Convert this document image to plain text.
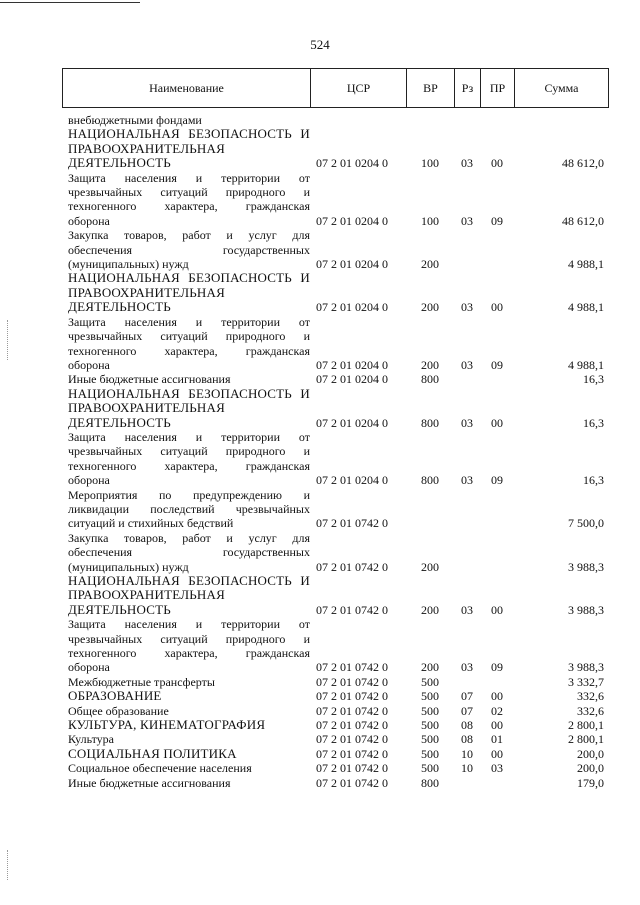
524
Наименование	ЦСР	ВР	Рз	ПР	Сумма
внебюджетными фондами					

НАЦИОНАЛЬНАЯ БЕЗОПАСНОСТЬ И
ПРАВООХРАНИТЕЛЬНАЯ
ДЕЯТЕЛЬНОСТЬ	07 2 01 0204 0	100	03	00	48 612,0

Защита населения и территории от
чрезвычайных ситуаций природного и
техногенного характера, гражданская
оборона	07 2 01 0204 0	100	03	09	48 612,0

Закупка товаров, работ и услуг для
обеспечения государственных
(муниципальных) нужд	07 2 01 0204 0	200			4 988,1

НАЦИОНАЛЬНАЯ БЕЗОПАСНОСТЬ И
ПРАВООХРАНИТЕЛЬНАЯ
ДЕЯТЕЛЬНОСТЬ	07 2 01 0204 0	200	03	00	4 988,1

Защита населения и территории от
чрезвычайных ситуаций природного и
техногенного характера, гражданская
оборона	07 2 01 0204 0	200	03	09	4 988,1

Иные бюджетные ассигнования	07 2 01 0204 0	800			16,3

НАЦИОНАЛЬНАЯ БЕЗОПАСНОСТЬ И
ПРАВООХРАНИТЕЛЬНАЯ
ДЕЯТЕЛЬНОСТЬ	07 2 01 0204 0	800	03	00	16,3

Защита населения и территории от
чрезвычайных ситуаций природного и
техногенного характера, гражданская
оборона	07 2 01 0204 0	800	03	09	16,3

Мероприятия по предупреждению и
ликвидации последствий чрезвычайных
ситуаций и стихийных бедствий	07 2 01 0742 0				7 500,0

Закупка товаров, работ и услуг для
обеспечения государственных
(муниципальных) нужд	07 2 01 0742 0	200			3 988,3

НАЦИОНАЛЬНАЯ БЕЗОПАСНОСТЬ И
ПРАВООХРАНИТЕЛЬНАЯ
ДЕЯТЕЛЬНОСТЬ	07 2 01 0742 0	200	03	00	3 988,3

Защита населения и территории от
чрезвычайных ситуаций природного и
техногенного характера, гражданская
оборона	07 2 01 0742 0	200	03	09	3 988,3

Межбюджетные трансферты	07 2 01 0742 0	500			3 332,7

ОБРАЗОВАНИЕ	07 2 01 0742 0	500	07	00	332,6

Общее образование	07 2 01 0742 0	500	07	02	332,6

КУЛЬТУРА, КИНЕМАТОГРАФИЯ	07 2 01 0742 0	500	08	00	2 800,1

Культура	07 2 01 0742 0	500	08	01	2 800,1

СОЦИАЛЬНАЯ ПОЛИТИКА	07 2 01 0742 0	500	10	00	200,0

Социальное обеспечение населения	07 2 01 0742 0	500	10	03	200,0

Иные бюджетные ассигнования	07 2 01 0742 0	800			179,0
